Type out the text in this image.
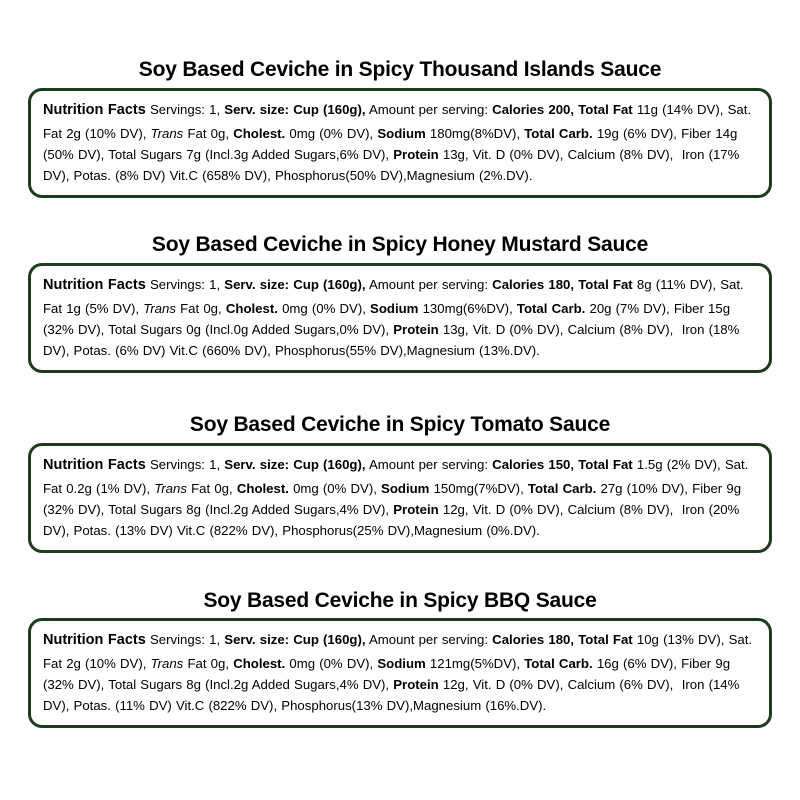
Soy Based Ceviche in Spicy Thousand Islands Sauce
Nutrition Facts Servings: 1, Serv. size: Cup (160g), Amount per serving: Calories 200, Total Fat 11g (14% DV), Sat. Fat 2g (10% DV), Trans Fat 0g, Cholest. 0mg (0% DV), Sodium 180mg(8%DV), Total Carb. 19g (6% DV), Fiber 14g (50% DV), Total Sugars 7g (Incl.3g Added Sugars,6% DV), Protein 13g, Vit. D (0% DV), Calcium (8% DV), Iron (17% DV), Potas. (8% DV) Vit.C (658% DV), Phosphorus(50% DV),Magnesium (2%.DV).
Soy Based Ceviche in Spicy Honey Mustard Sauce
Nutrition Facts Servings: 1, Serv. size: Cup (160g), Amount per serving: Calories 180, Total Fat 8g (11% DV), Sat. Fat 1g (5% DV), Trans Fat 0g, Cholest. 0mg (0% DV), Sodium 130mg(6%DV), Total Carb. 20g (7% DV), Fiber 15g (32% DV), Total Sugars 0g (Incl.0g Added Sugars,0% DV), Protein 13g, Vit. D (0% DV), Calcium (8% DV), Iron (18% DV), Potas. (6% DV) Vit.C (660% DV), Phosphorus(55% DV),Magnesium (13%.DV).
Soy Based Ceviche in Spicy Tomato Sauce
Nutrition Facts Servings: 1, Serv. size: Cup (160g), Amount per serving: Calories 150, Total Fat 1.5g (2% DV), Sat. Fat 0.2g (1% DV), Trans Fat 0g, Cholest. 0mg (0% DV), Sodium 150mg(7%DV), Total Carb. 27g (10% DV), Fiber 9g (32% DV), Total Sugars 8g (Incl.2g Added Sugars,4% DV), Protein 12g, Vit. D (0% DV), Calcium (8% DV), Iron (20% DV), Potas. (13% DV) Vit.C (822% DV), Phosphorus(25% DV),Magnesium (0%.DV).
Soy Based Ceviche in Spicy BBQ Sauce
Nutrition Facts Servings: 1, Serv. size: Cup (160g), Amount per serving: Calories 180, Total Fat 10g (13% DV), Sat. Fat 2g (10% DV), Trans Fat 0g, Cholest. 0mg (0% DV), Sodium 121mg(5%DV), Total Carb. 16g (6% DV), Fiber 9g (32% DV), Total Sugars 8g (Incl.2g Added Sugars,4% DV), Protein 12g, Vit. D (0% DV), Calcium (6% DV), Iron (14% DV), Potas. (11% DV) Vit.C (822% DV), Phosphorus(13% DV),Magnesium (16%.DV).
